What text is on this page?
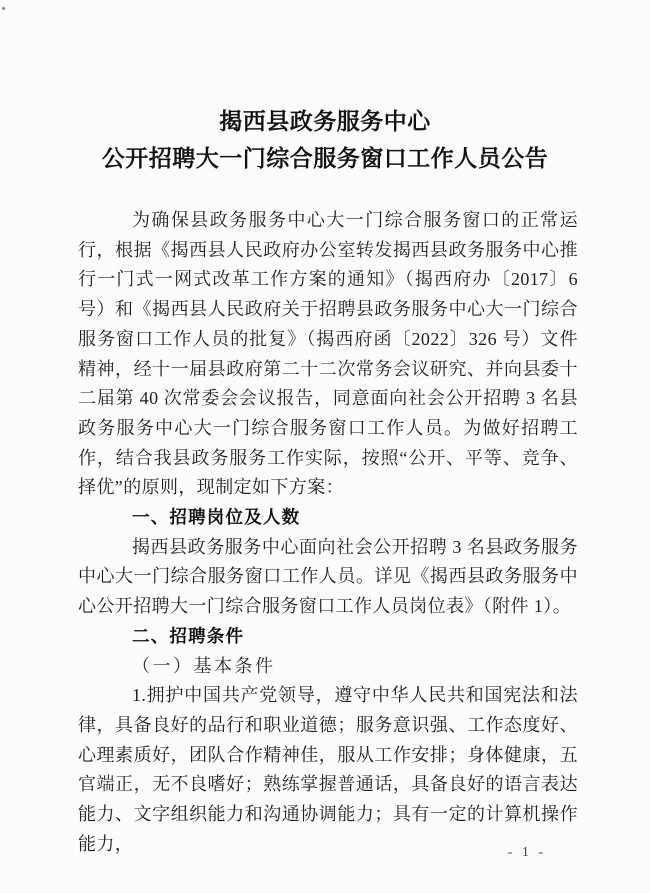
揭西县政务服务中心
公开招聘大一门综合服务窗口工作人员公告

为确保县政务服务中心大一门综合服务窗口的正常运行，根据《揭西县人民政府办公室转发揭西县政务服务中心推行一门式一网式改革工作方案的通知》（揭西府办〔2017〕6 号）和《揭西县人民政府关于招聘县政务服务中心大一门综合服务窗口工作人员的批复》（揭西府函〔2022〕326 号）文件精神，经十一届县政府第二十二次常务会议研究、并向县委十二届第 40 次常委会会议报告，同意面向社会公开招聘 3 名县政务服务中心大一门综合服务窗口工作人员。为做好招聘工作，结合我县政务服务工作实际，按照“公开、平等、竞争、择优”的原则，现制定如下方案：

一、招聘岗位及人数

揭西县政务服务中心面向社会公开招聘 3 名县政务服务中心大一门综合服务窗口工作人员。详见《揭西县政务服务中心公开招聘大一门综合服务窗口工作人员岗位表》（附件 1）。

二、招聘条件

（一）基本条件

1.拥护中国共产党领导，遵守中华人民共和国宪法和法律，具备良好的品行和职业道德；服务意识强、工作态度好、心理素质好，团队合作精神佳，服从工作安排；身体健康，五官端正，无不良嗜好；熟练掌握普通话，具备良好的语言表达能力、文字组织能力和沟通协调能力；具有一定的计算机操作能力，	- 1 -
